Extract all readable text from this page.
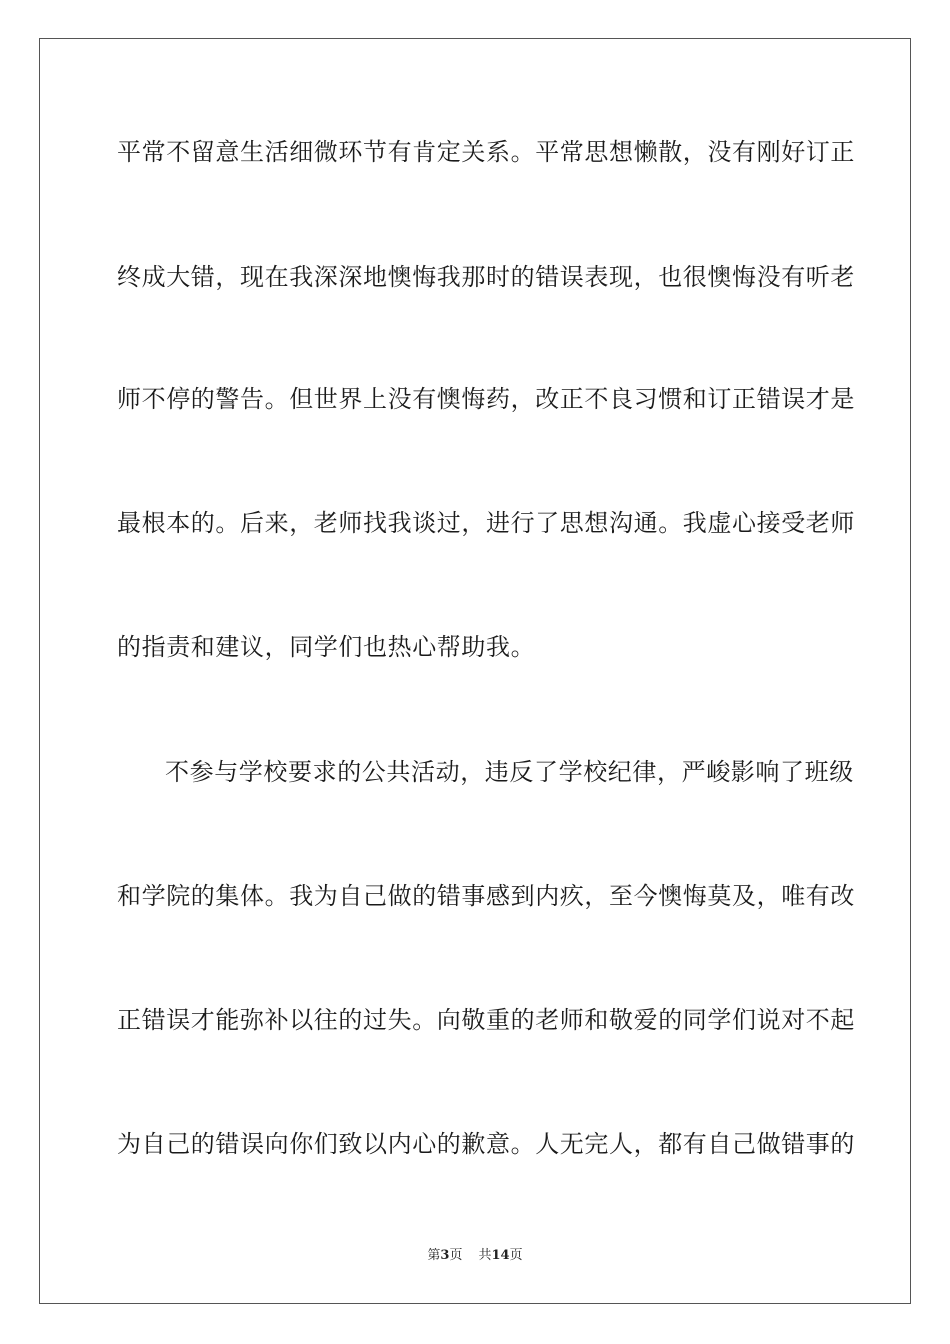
平常不留意生活细微环节有肯定关系。平常思想懒散，没有刚好订正
终成大错，现在我深深地懊悔我那时的错误表现，也很懊悔没有听老
师不停的警告。但世界上没有懊悔药，改正不良习惯和订正错误才是
最根本的。后来，老师找我谈过，进行了思想沟通。我虚心接受老师
的指责和建议，同学们也热心帮助我。
不参与学校要求的公共活动，违反了学校纪律，严峻影响了班级
和学院的集体。我为自己做的错事感到内疚，至今懊悔莫及，唯有改
正错误才能弥补以往的过失。向敬重的老师和敬爱的同学们说对不起
为自己的错误向你们致以内心的歉意。人无完人，都有自己做错事的
第3页 共14页
